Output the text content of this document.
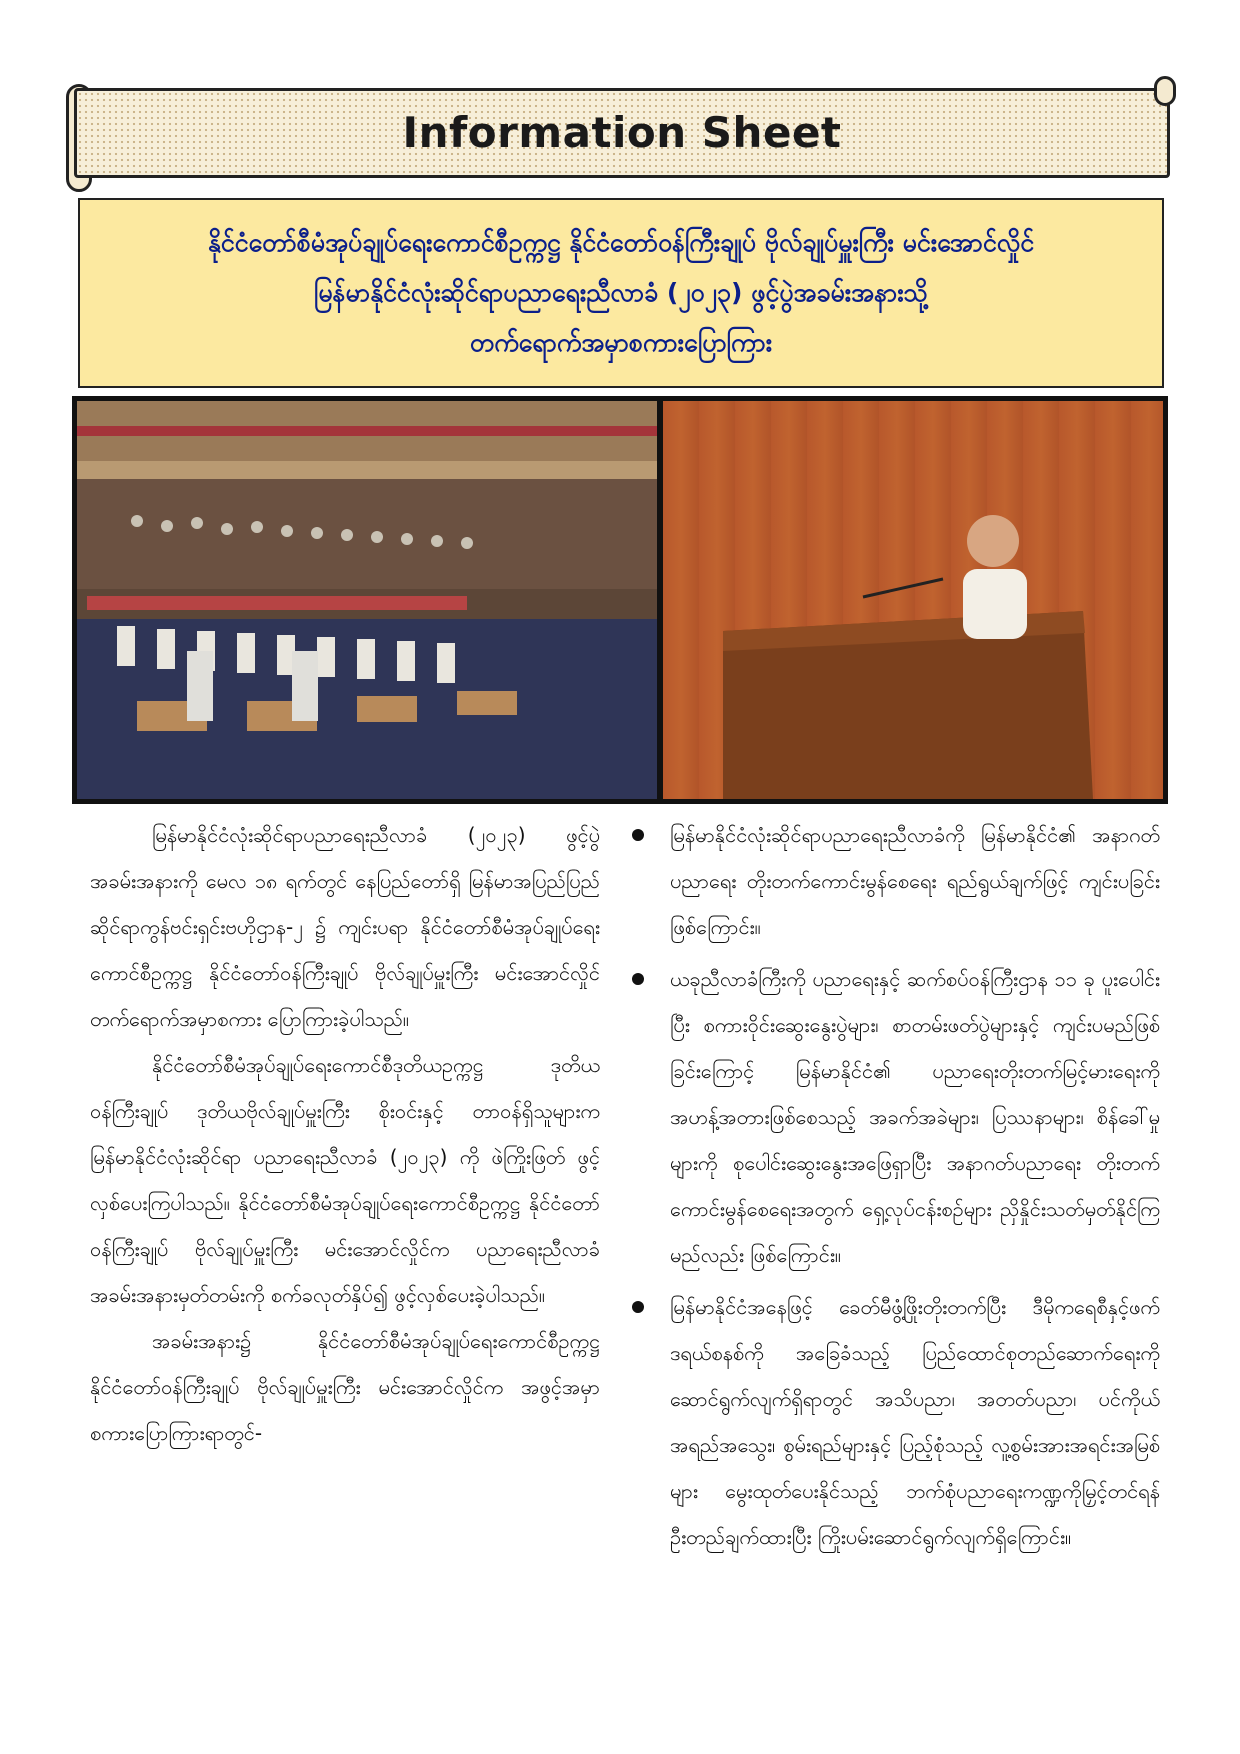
Information Sheet
နိုင်ငံတော်စီမံအုပ်ချုပ်ရေးကောင်စီဥက္ကဋ္ဌ နိုင်ငံတော်ဝန်ကြီးချုပ် ဗိုလ်ချုပ်မှူးကြီး မင်းအောင်လှိုင်
မြန်မာနိုင်ငံလုံးဆိုင်ရာပညာရေးညီလာခံ (၂၀၂၃) ဖွင့်ပွဲအခမ်းအနားသို့
တက်ရောက်အမှာစကားပြောကြား

မြန်မာနိုင်ငံလုံးဆိုင်ရာပညာရေးညီလာခံ (၂၀၂၃) ဖွင့်ပွဲအခမ်းအနားကို မေလ ၁၈ ရက်တွင် နေပြည်တော်ရှိ မြန်မာအပြည်ပြည်ဆိုင်ရာကွန်ဗင်းရှင်းဗဟိုဌာန-၂ ၌ ကျင်းပရာ နိုင်ငံတော်စီမံအုပ်ချုပ်ရေးကောင်စီဥက္ကဋ္ဌ နိုင်ငံတော်ဝန်ကြီးချုပ် ဗိုလ်ချုပ်မှူးကြီး မင်းအောင်လှိုင် တက်ရောက်အမှာစကား ပြောကြားခဲ့ပါသည်။

နိုင်ငံတော်စီမံအုပ်ချုပ်ရေးကောင်စီဒုတိယဥက္ကဋ္ဌ ဒုတိယဝန်ကြီးချုပ် ဒုတိယဗိုလ်ချုပ်မှူးကြီး စိုးဝင်းနှင့် တာဝန်ရှိသူများက မြန်မာနိုင်ငံလုံးဆိုင်ရာ ပညာရေးညီလာခံ (၂၀၂၃) ကို ဖဲကြိုးဖြတ် ဖွင့်လှစ်ပေးကြပါသည်။ နိုင်ငံတော်စီမံအုပ်ချုပ်ရေးကောင်စီဥက္ကဋ္ဌ နိုင်ငံတော်ဝန်ကြီးချုပ် ဗိုလ်ချုပ်မှူးကြီး မင်းအောင်လှိုင်က ပညာရေးညီလာခံ အခမ်းအနားမှတ်တမ်းကို စက်ခလုတ်နှိပ်၍ ဖွင့်လှစ်ပေးခဲ့ပါသည်။

အခမ်းအနား၌ နိုင်ငံတော်စီမံအုပ်ချုပ်ရေးကောင်စီဥက္ကဋ္ဌ နိုင်ငံတော်ဝန်ကြီးချုပ် ဗိုလ်ချုပ်မှူးကြီး မင်းအောင်လှိုင်က အဖွင့်အမှာစကားပြောကြားရာတွင်-

မြန်မာနိုင်ငံလုံးဆိုင်ရာပညာရေးညီလာခံကို မြန်မာနိုင်ငံ၏ အနာဂတ်ပညာရေး တိုးတက်ကောင်းမွန်စေရေး ရည်ရွယ်ချက်ဖြင့် ကျင်းပခြင်းဖြစ်ကြောင်း။
ယခုညီလာခံကြီးကို ပညာရေးနှင့် ဆက်စပ်ဝန်ကြီးဌာန ၁၁ ခု ပူးပေါင်းပြီး စကားဝိုင်းဆွေးနွေးပွဲများ၊ စာတမ်းဖတ်ပွဲများနှင့် ကျင်းပမည်ဖြစ်ခြင်းကြောင့် မြန်မာနိုင်ငံ၏ ပညာရေးတိုးတက်မြင့်မားရေးကို အဟန့်အတားဖြစ်စေသည့် အခက်အခဲများ၊ ပြဿနာများ၊ စိန်ခေါ်မှုများကို စုပေါင်းဆွေးနွေးအဖြေရှာပြီး အနာဂတ်ပညာရေး တိုးတက်ကောင်းမွန်စေရေးအတွက် ရှေ့လုပ်ငန်းစဉ်များ ညှိနှိုင်းသတ်မှတ်နိုင်ကြမည်လည်း ဖြစ်ကြောင်း။
မြန်မာနိုင်ငံအနေဖြင့် ခေတ်မီဖွံ့ဖြိုးတိုးတက်ပြီး ဒီမိုကရေစီနှင့်ဖက်ဒရယ်စနစ်ကို အခြေခံသည့် ပြည်ထောင်စုတည်ဆောက်ရေးကို ဆောင်ရွက်လျက်ရှိရာတွင် အသိပညာ၊ အတတ်ပညာ၊ ပင်ကိုယ်အရည်အသွေး၊ စွမ်းရည်များနှင့် ပြည့်စုံသည့် လူ့စွမ်းအားအရင်းအမြစ်များ မွေးထုတ်ပေးနိုင်သည့် ဘက်စုံပညာရေးကဏ္ဍကိုမြှင့်တင်ရန် ဦးတည်ချက်ထားပြီး ကြိုးပမ်းဆောင်ရွက်လျက်ရှိကြောင်း။
